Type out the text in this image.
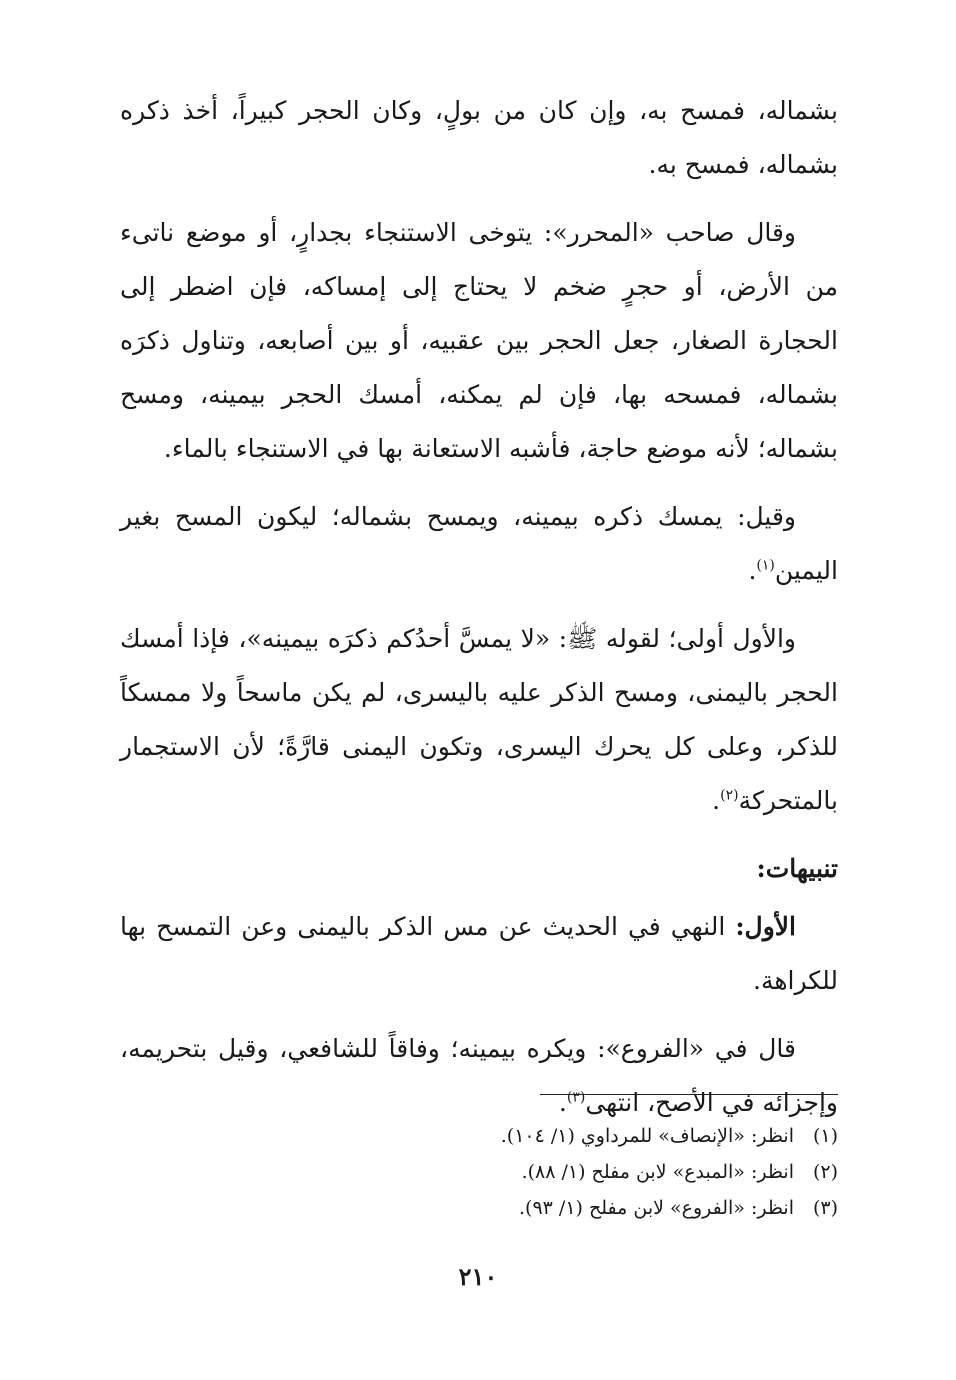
بشماله، فمسح به، وإن كان من بولٍ، وكان الحجر كبيراً، أخذ ذكره بشماله، فمسح به.

وقال صاحب «المحرر»: يتوخى الاستنجاء بجدارٍ، أو موضع ناتىء من الأرض، أو حجرٍ ضخم لا يحتاج إلى إمساكه، فإن اضطر إلى الحجارة الصغار، جعل الحجر بين عقبيه، أو بين أصابعه، وتناول ذكرَه بشماله، فمسحه بها، فإن لم يمكنه، أمسك الحجر بيمينه، ومسح بشماله؛ لأنه موضع حاجة، فأشبه الاستعانة بها في الاستنجاء بالماء.

وقيل: يمسك ذكره بيمينه، ويمسح بشماله؛ ليكون المسح بغير اليمين$^{(١)}$.

والأول أولى؛ لقوله ﷺ: «لا يمسَّ أحدُكم ذكرَه بيمينه»، فإذا أمسك الحجر باليمنى، ومسح الذكر عليه باليسرى، لم يكن ماسحاً ولا ممسكاً للذكر، وعلى كل يحرك اليسرى، وتكون اليمنى قارَّةً؛ لأن الاستجمار بالمتحركة$^{(٢)}$.

تنبيهات:

الأول: النهي في الحديث عن مس الذكر باليمنى وعن التمسح بها للكراهة.

قال في «الفروع»: ويكره بيمينه؛ وفاقاً للشافعي، وقيل بتحريمه، وإجزائه في الأصح، انتهى$^{(٣)}$.

(١)
انظر: «الإنصاف» للمرداوي (١/ ١٠٤).
(٢)
انظر: «المبدع» لابن مفلح (١/ ٨٨).
(٣)
انظر: «الفروع» لابن مفلح (١/ ٩٣).
٢١٠
